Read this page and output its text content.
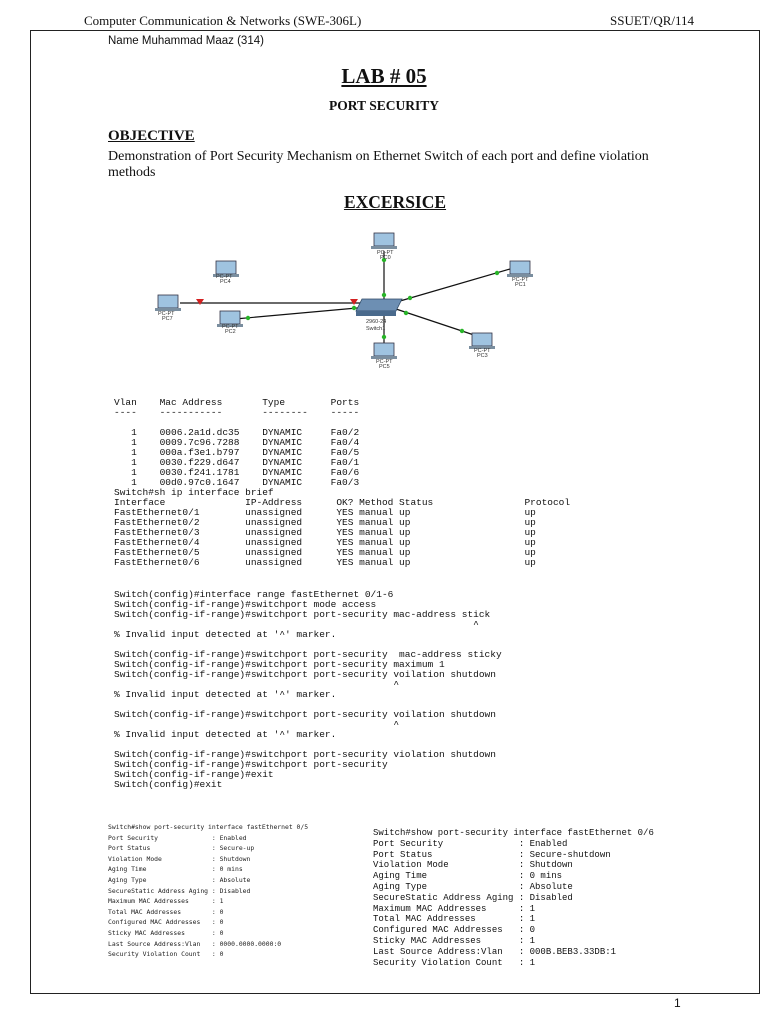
Computer Communication & Networks (SWE-306L)	SSUET/QR/114
Name Muhammad Maaz (314)
LAB # 05
PORT SECURITY
OBJECTIVE
Demonstration of Port Security Mechanism on Ethernet Switch of each port and define violation methods
EXCERSICE
2960-24
Switch1
PC-PT
PC0
PC-PT
PC1
PC-PT
PC4
PC-PT
PC7
PC-PT
PC2
PC-PT
PC3
PC-PT
PC5
Vlan    Mac Address       Type        Ports
----    -----------       --------    -----

1    0006.2a1d.dc35    DYNAMIC     Fa0/2
1    0009.7c96.7288    DYNAMIC     Fa0/4
1    000a.f3e1.b797    DYNAMIC     Fa0/5
1    0030.f229.d647    DYNAMIC     Fa0/1
1    0030.f241.1781    DYNAMIC     Fa0/6
1    00d0.97c0.1647    DYNAMIC     Fa0/3
Switch#sh ip interface brief
Interface              IP-Address      OK? Method Status                Protocol
FastEthernet0/1        unassigned      YES manual up                    up
FastEthernet0/2        unassigned      YES manual up                    up
FastEthernet0/3        unassigned      YES manual up                    up
FastEthernet0/4        unassigned      YES manual up                    up
FastEthernet0/5        unassigned      YES manual up                    up
FastEthernet0/6        unassigned      YES manual up                    up
Switch(config)#interface range fastEthernet 0/1-6
Switch(config-if-range)#switchport mode access
Switch(config-if-range)#switchport port-security mac-address stick
^
% Invalid input detected at '^' marker.
Switch(config-if-range)#switchport port-security  mac-address sticky
Switch(config-if-range)#switchport port-security maximum 1
Switch(config-if-range)#switchport port-security voilation shutdown
^
% Invalid input detected at '^' marker.
Switch(config-if-range)#switchport port-security voilation shutdown
^
% Invalid input detected at '^' marker.
Switch(config-if-range)#switchport port-security violation shutdown
Switch(config-if-range)#switchport port-security
Switch(config-if-range)#exit
Switch(config)#exit
Switch#show port-security interface fastEthernet 0/5
Port Security              : Enabled
Port Status                : Secure-up
Violation Mode             : Shutdown
Aging Time                 : 0 mins
Aging Type                 : Absolute
SecureStatic Address Aging : Disabled
Maximum MAC Addresses      : 1
Total MAC Addresses        : 0
Configured MAC Addresses   : 0
Sticky MAC Addresses       : 0
Last Source Address:Vlan   : 0000.0000.0000:0
Security Violation Count   : 0
Switch#show port-security interface fastEthernet 0/6
Port Security              : Enabled
Port Status                : Secure-shutdown
Violation Mode             : Shutdown
Aging Time                 : 0 mins
Aging Type                 : Absolute
SecureStatic Address Aging : Disabled
Maximum MAC Addresses      : 1
Total MAC Addresses        : 1
Configured MAC Addresses   : 0
Sticky MAC Addresses       : 1
Last Source Address:Vlan   : 000B.BEB3.33DB:1
Security Violation Count   : 1
1
